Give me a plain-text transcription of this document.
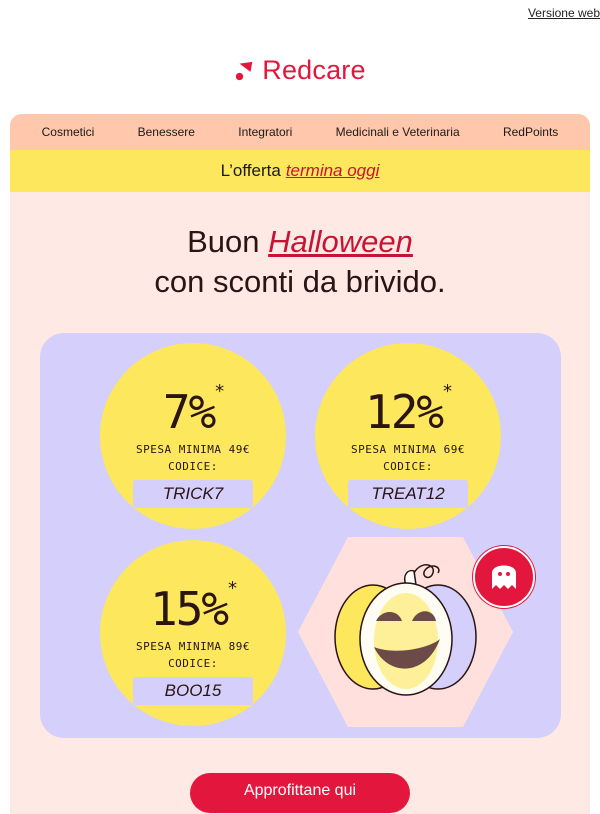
Versione web
Redcare
Cosmetici	Benessere	Integratori	Medicinali e Veterinaria	RedPoints
L’offerta termina oggi
Buon Halloween
con sconti da brivido.
7%*
SPESA MINIMA 49€
CODICE:
TRICK7
12%*
SPESA MINIMA 69€
CODICE:
TREAT12
15%*
SPESA MINIMA 89€
CODICE:
BOO15
Approfittane qui
